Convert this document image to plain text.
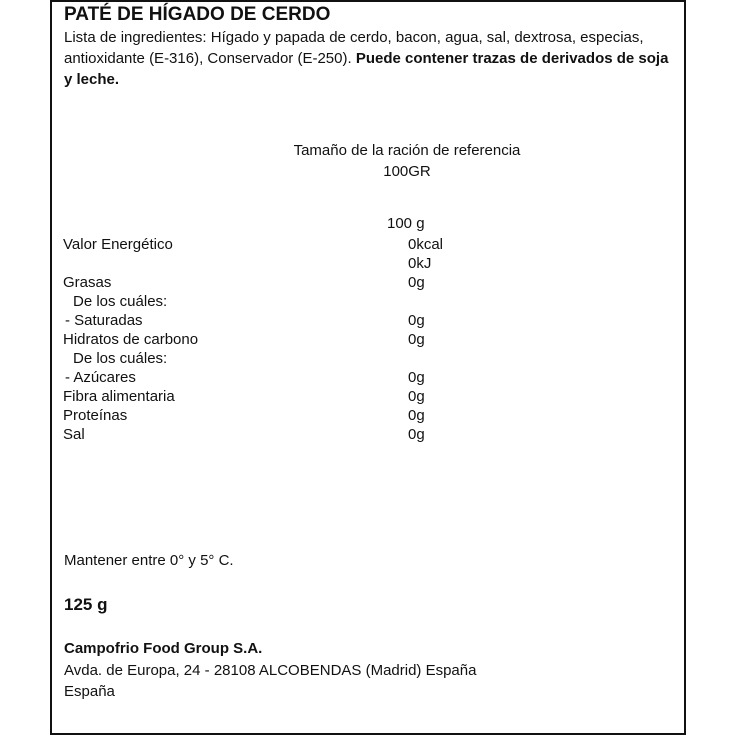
PATÉ DE HÍGADO DE CERDO
Lista de ingredientes: Hígado y papada de cerdo, bacon, agua, sal, dextrosa, especias, antioxidante (E-316), Conservador (E-250). Puede contener trazas de derivados de soja y leche.
Tamaño de la ración de referencia 100GR
100 g
Valor Energético	0kcal
0kJ
Grasas	0g
De los cuáles:
- Saturadas	0g
Hidratos de carbono	0g
De los cuáles:
- Azúcares	0g
Fibra alimentaria	0g
Proteínas	0g
Sal	0g
Mantener entre 0° y 5° C.
125 g
Campofrio Food Group S.A.
Avda. de Europa, 24 - 28108 ALCOBENDAS (Madrid) España
España
